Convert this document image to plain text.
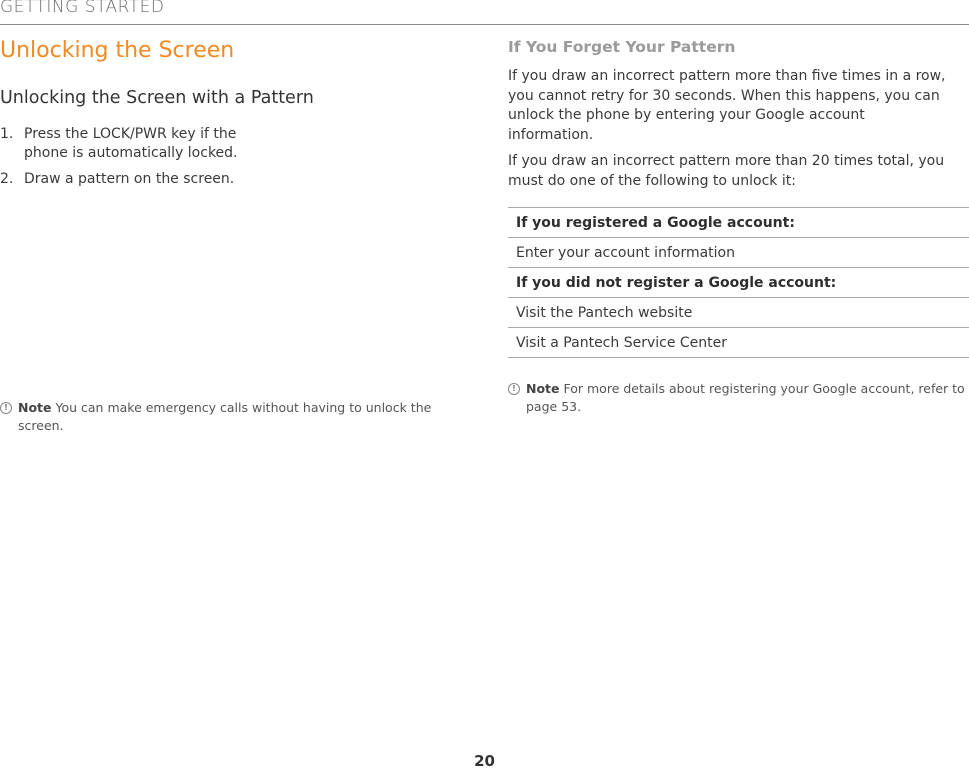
GETTING STARTED
Unlocking the Screen
Unlocking the Screen with a Pattern
1. Press the LOCK/PWR key if the phone is automatically locked.
2. Draw a pattern on the screen.
! Note You can make emergency calls without having to unlock the screen.
If You Forget Your Pattern

If you draw an incorrect pattern more than five times in a row, you cannot retry for 30 seconds. When this happens, you can unlock the phone by entering your Google account information.

If you draw an incorrect pattern more than 20 times total, you must do one of the following to unlock it:

If you registered a Google account:
Enter your account information
If you did not register a Google account:
Visit the Pantech website
Visit a Pantech Service Center
! Note For more details about registering your Google account, refer to page 53.
20
